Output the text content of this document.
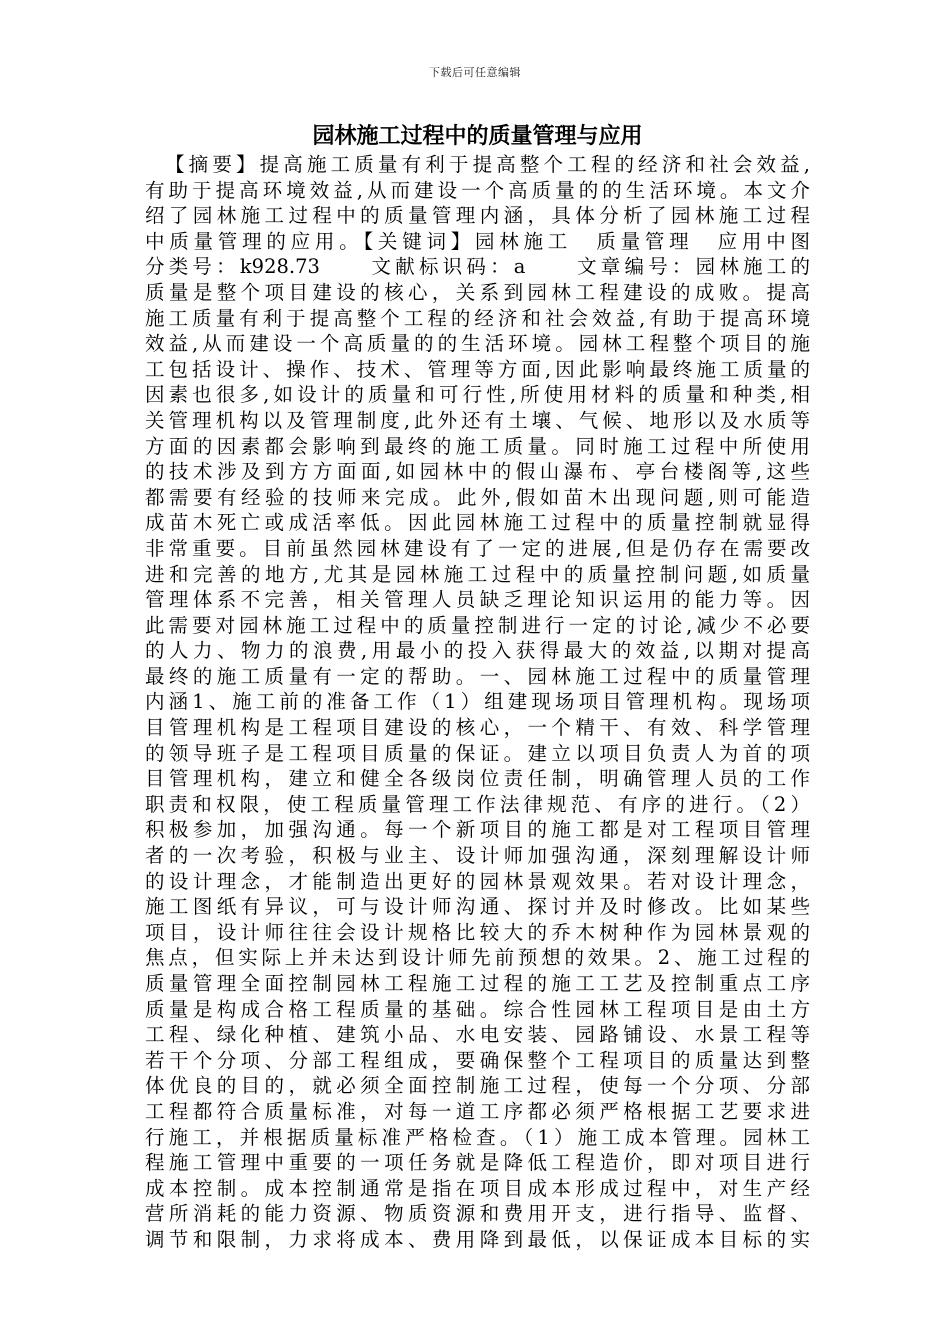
下载后可任意编辑
园林施工过程中的质量管理与应用
【摘要】提高施工质量有利于提高整个工程的经济和社会效益,
有助于提高环境效益,从而建设一个高质量的的生活环境。本文介
绍了园林施工过程中的质量管理内涵，具体分析了园林施工过程
中质量管理的应用。【关键词】园林施工　质量管理　应用中图
分类号：k928.73　　文献标识码：a　　文章编号：园林施工的
质量是整个项目建设的核心，关系到园林工程建设的成败。提高
施工质量有利于提高整个工程的经济和社会效益,有助于提高环境
效益,从而建设一个高质量的的生活环境。园林工程整个项目的施
工包括设计、操作、技术、管理等方面,因此影响最终施工质量的
因素也很多,如设计的质量和可行性,所使用材料的质量和种类,相
关管理机构以及管理制度,此外还有土壤、气候、地形以及水质等
方面的因素都会影响到最终的施工质量。同时施工过程中所使用
的技术涉及到方方面面,如园林中的假山瀑布、亭台楼阁等,这些
都需要有经验的技师来完成。此外,假如苗木出现问题,则可能造
成苗木死亡或成活率低。因此园林施工过程中的质量控制就显得
非常重要。目前虽然园林建设有了一定的进展,但是仍存在需要改
进和完善的地方,尤其是园林施工过程中的质量控制问题,如质量
管理体系不完善，相关管理人员缺乏理论知识运用的能力等。因
此需要对园林施工过程中的质量控制进行一定的讨论,减少不必要
的人力、物力的浪费,用最小的投入获得最大的效益,以期对提高
最终的施工质量有一定的帮助。一、园林施工过程中的质量管理
内涵1、施工前的准备工作（1）组建现场项目管理机构。现场项
目管理机构是工程项目建设的核心，一个精干、有效、科学管理
的领导班子是工程项目质量的保证。建立以项目负责人为首的项
目管理机构，建立和健全各级岗位责任制，明确管理人员的工作
职责和权限，使工程质量管理工作法律规范、有序的进行。（2）
积极参加，加强沟通。每一个新项目的施工都是对工程项目管理
者的一次考验，积极与业主、设计师加强沟通，深刻理解设计师
的设计理念，才能制造出更好的园林景观效果。若对设计理念，
施工图纸有异议，可与设计师沟通、探讨并及时修改。比如某些
项目，设计师往往会设计规格比较大的乔木树种作为园林景观的
焦点，但实际上并未达到设计师先前预想的效果。2、施工过程的
质量管理全面控制园林工程施工过程的施工工艺及控制重点工序
质量是构成合格工程质量的基础。综合性园林工程项目是由土方
工程、绿化种植、建筑小品、水电安装、园路铺设、水景工程等
若干个分项、分部工程组成，要确保整个工程项目的质量达到整
体优良的目的，就必须全面控制施工过程，使每一个分项、分部
工程都符合质量标准，对每一道工序都必须严格根据工艺要求进
行施工，并根据质量标准严格检查。（1）施工成本管理。园林工
程施工管理中重要的一项任务就是降低工程造价，即对项目进行
成本控制。成本控制通常是指在项目成本形成过程中，对生产经
营所消耗的能力资源、物质资源和费用开支，进行指导、监督、
调节和限制，力求将成本、费用降到最低，以保证成本目标的实
